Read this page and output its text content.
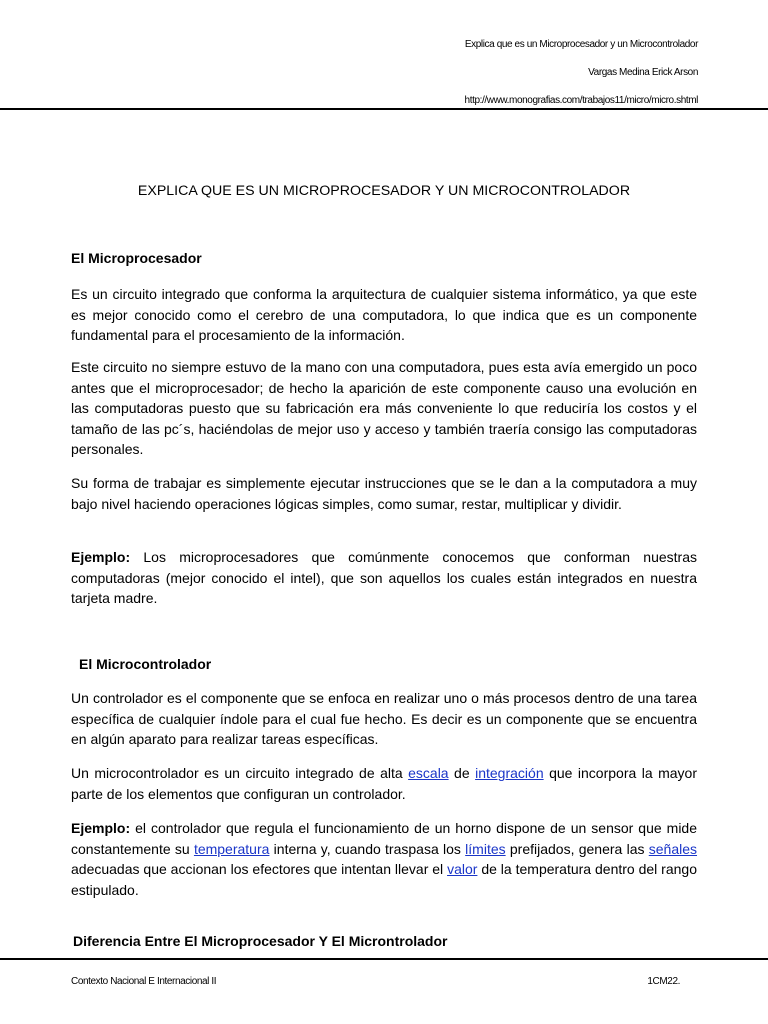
Explica que es un Microprocesador y un Microcontrolador
Vargas Medina Erick Arson
http://www.monografias.com/trabajos11/micro/micro.shtml
EXPLICA QUE ES UN MICROPROCESADOR Y UN MICROCONTROLADOR
El Microprocesador

Es un circuito integrado que conforma la arquitectura de cualquier sistema informático, ya que este es mejor conocido como el cerebro de una computadora, lo que indica que es un componente fundamental para el procesamiento de la información.

Este circuito no siempre estuvo de la mano con una computadora, pues esta avía emergido un poco antes que el microprocesador; de hecho la aparición de este componente causo una evolución en las computadoras puesto que su fabricación era más conveniente lo que reduciría los costos y el tamaño de las pc´s, haciéndolas de mejor uso y acceso y también traería consigo las computadoras personales.

Su forma de trabajar es simplemente ejecutar instrucciones que se le dan a la computadora a muy bajo nivel haciendo operaciones lógicas simples, como sumar, restar, multiplicar y dividir.

Ejemplo: Los microprocesadores que comúnmente conocemos que conforman nuestras computadoras (mejor conocido el intel), que son aquellos los cuales están integrados en nuestra tarjeta madre.

El Microcontrolador

Un controlador es el componente que se enfoca en realizar uno o más procesos dentro de una tarea específica de cualquier índole para el cual fue hecho. Es decir es un componente que se encuentra en algún aparato para realizar tareas específicas.

Un microcontrolador es un circuito integrado de alta escala de integración que incorpora la mayor parte de los elementos que configuran un controlador.

Ejemplo: el controlador que regula el funcionamiento de un horno dispone de un sensor que mide constantemente su temperatura interna y, cuando traspasa los límites prefijados, genera las señales adecuadas que accionan los efectores que intentan llevar el valor de la temperatura dentro del rango estipulado.

Diferencia Entre El Microprocesador Y El Microntrolador
Contexto Nacional E Internacional II	1CM22.
